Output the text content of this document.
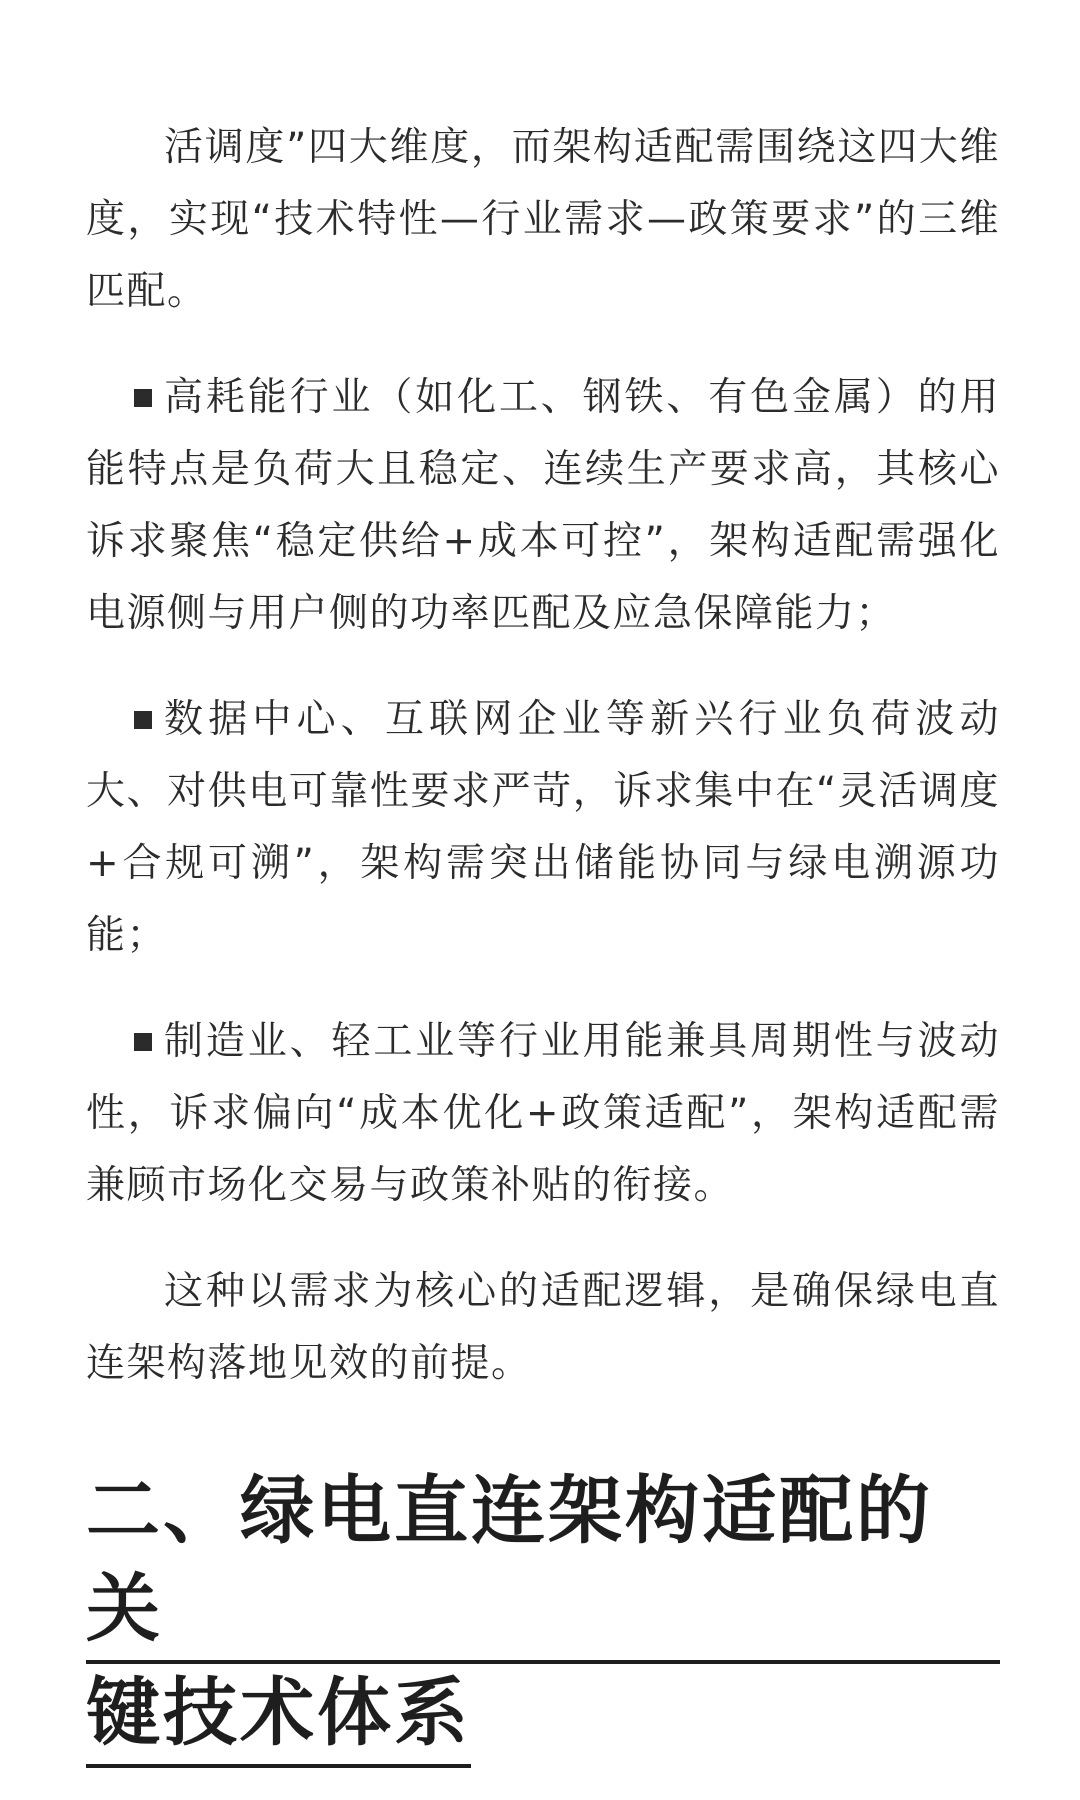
活调度”四大维度，而架构适配需围绕这四大维度，实现“技术特性—行业需求—政策要求”的三维匹配。

高耗能行业（如化工、钢铁、有色金属）的用能特点是负荷大且稳定、连续生产要求高，其核心诉求聚焦“稳定供给+成本可控”，架构适配需强化电源侧与用户侧的功率匹配及应急保障能力；

数据中心、互联网企业等新兴行业负荷波动大、对供电可靠性要求严苛，诉求集中在“灵活调度+合规可溯”，架构需突出储能协同与绿电溯源功能；

制造业、轻工业等行业用能兼具周期性与波动性，诉求偏向“成本优化+政策适配”，架构适配需兼顾市场化交易与政策补贴的衔接。

这种以需求为核心的适配逻辑，是确保绿电直连架构落地见效的前提。

二、绿电直连架构适配的关
键技术体系
